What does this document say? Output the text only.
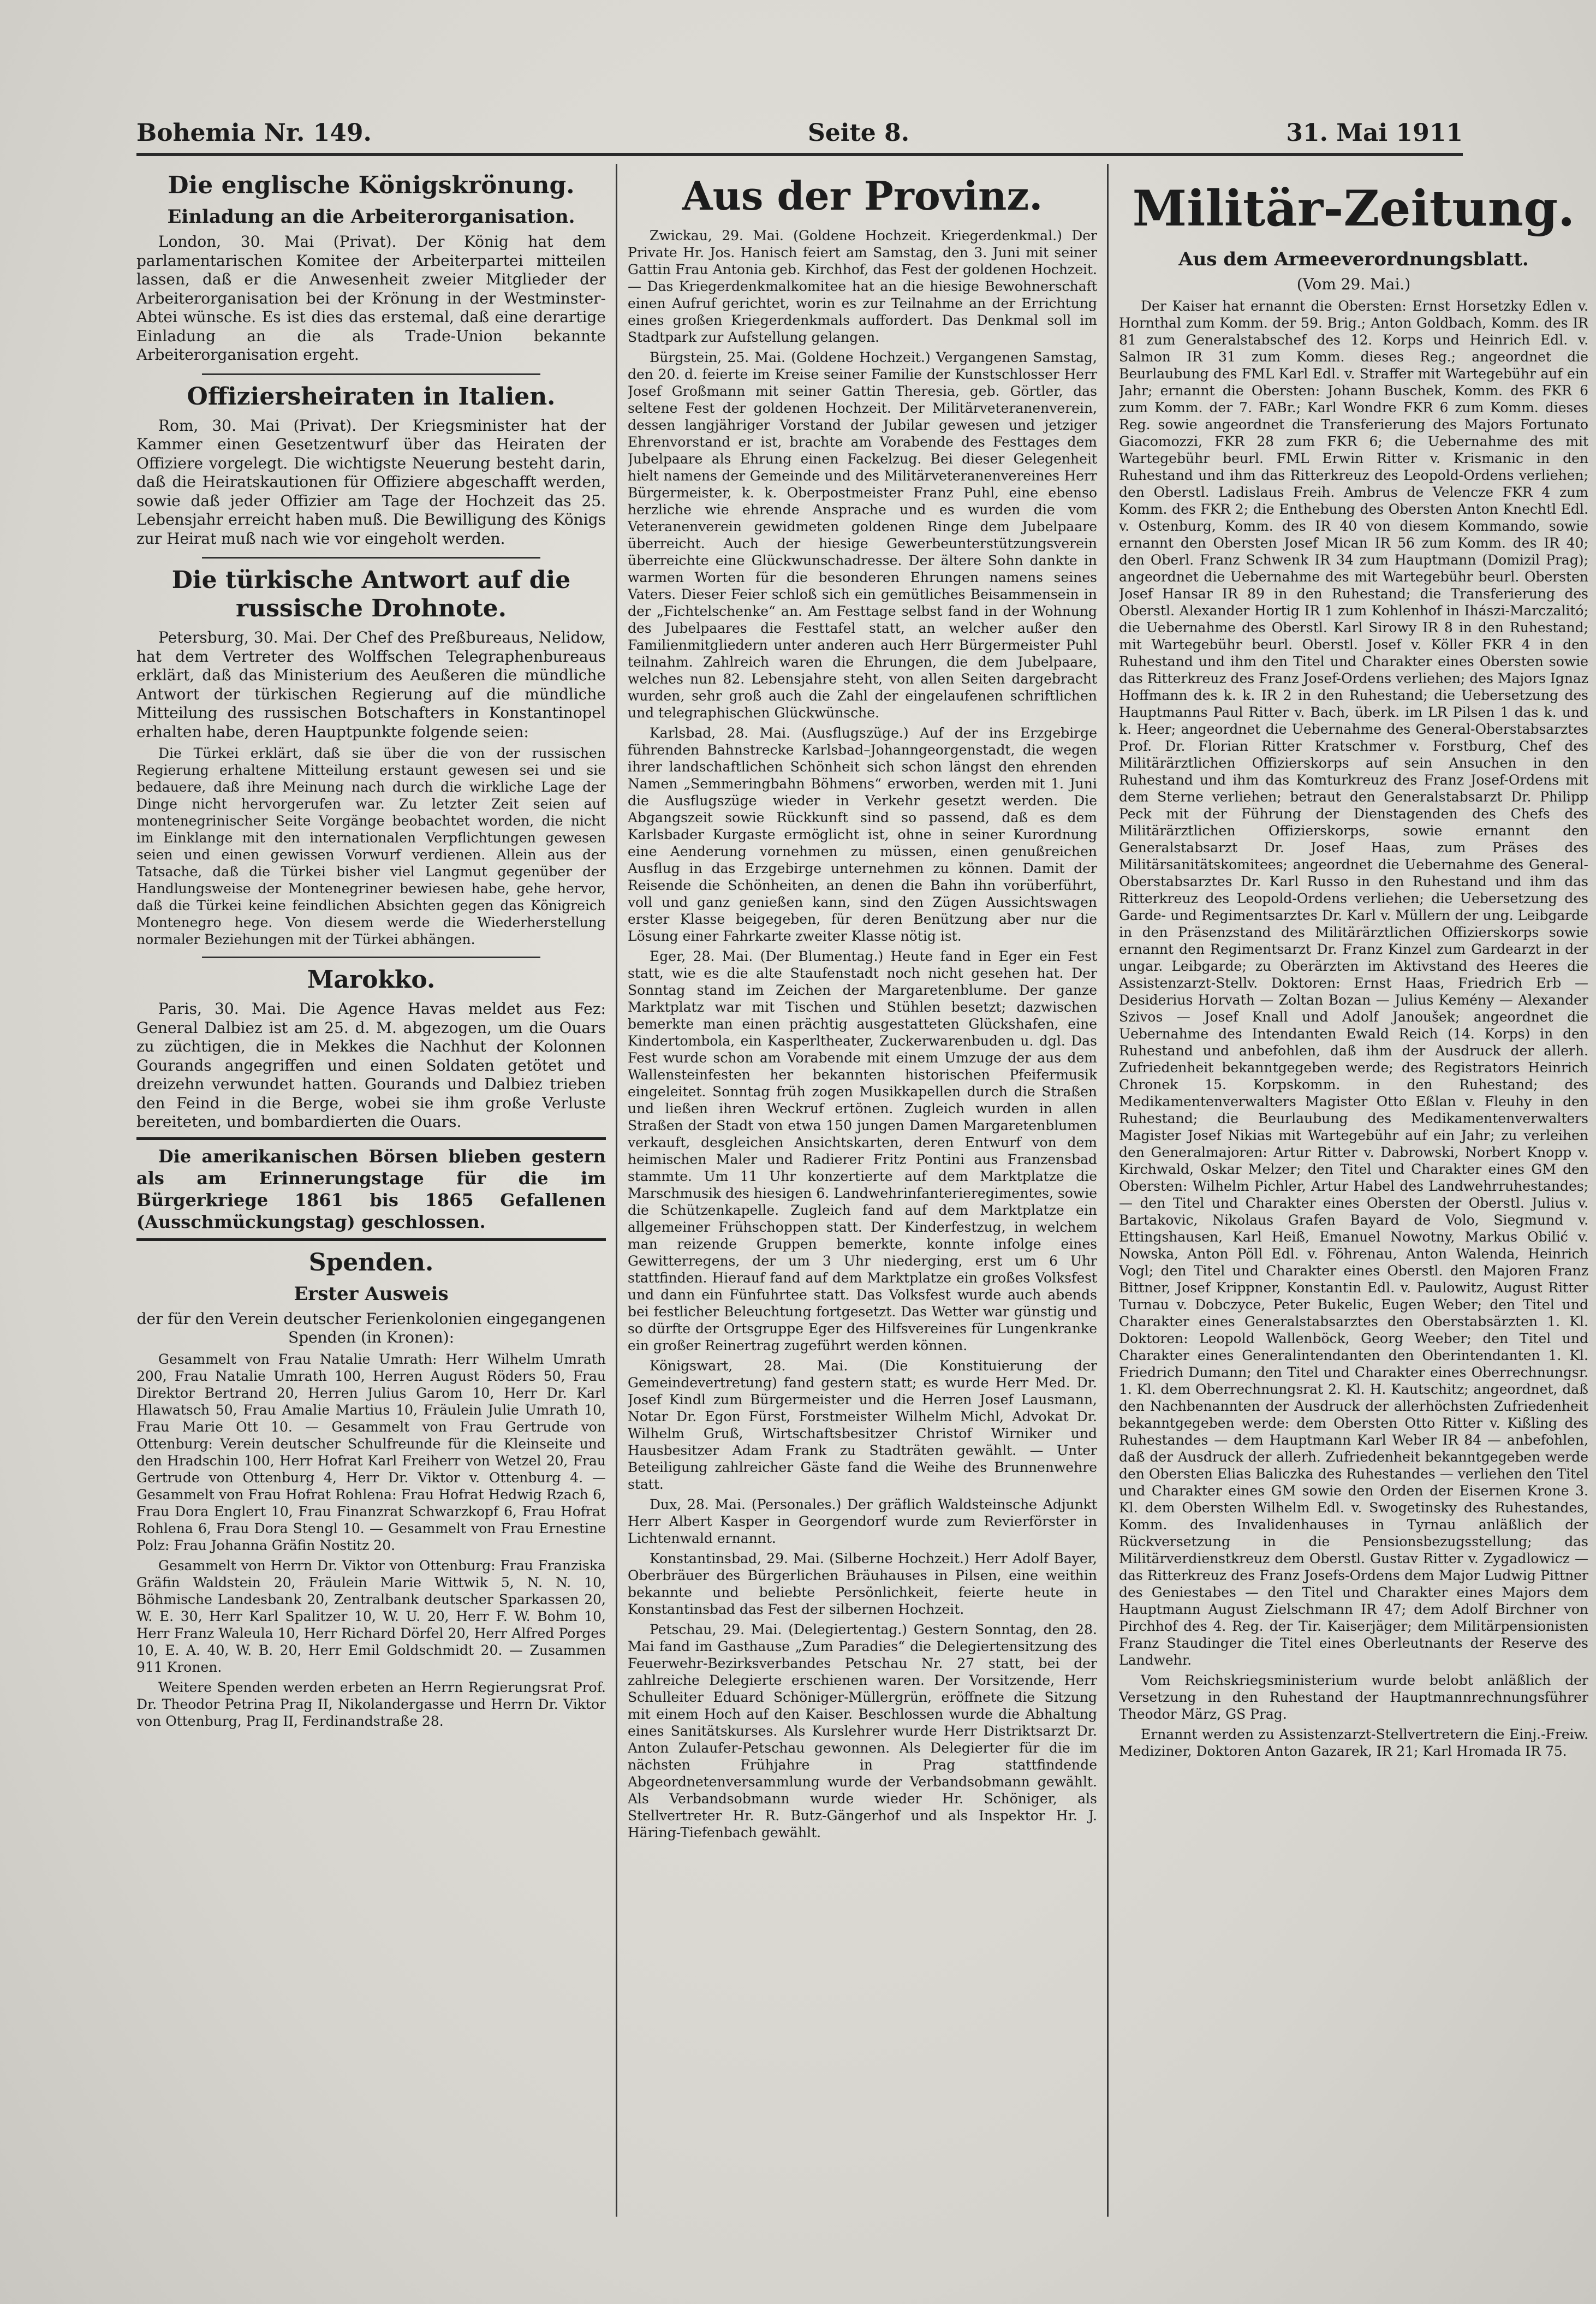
Bohemia Nr. 149.	Seite 8.	31. Mai 1911
Die englische Königskrönung.
Einladung an die Arbeiterorganisation.

London, 30. Mai (Privat). Der König hat dem parlamentarischen Komitee der Arbeiterpartei mitteilen lassen, daß er die Anwesenheit zweier Mitglieder der Arbeiterorganisation bei der Krönung in der Westminster-Abtei wünsche. Es ist dies das erstemal, daß eine derartige Einladung an die als Trade-Union bekannte Arbeiterorganisation ergeht.

Offiziersheiraten in Italien.

Rom, 30. Mai (Privat). Der Kriegsminister hat der Kammer einen Gesetzentwurf über das Heiraten der Offiziere vorgelegt. Die wichtigste Neuerung besteht darin, daß die Heiratskautionen für Offiziere abgeschafft werden, sowie daß jeder Offizier am Tage der Hochzeit das 25. Lebensjahr erreicht haben muß. Die Bewilligung des Königs zur Heirat muß nach wie vor eingeholt werden.

Die türkische Antwort auf die russische Drohnote.

Petersburg, 30. Mai. Der Chef des Preßbureaus, Nelidow, hat dem Vertreter des Wolffschen Telegraphenbureaus erklärt, daß das Ministerium des Aeußeren die mündliche Antwort der türkischen Regierung auf die mündliche Mitteilung des russischen Botschafters in Konstantinopel erhalten habe, deren Hauptpunkte folgende seien:

Die Türkei erklärt, daß sie über die von der russischen Regierung erhaltene Mitteilung erstaunt gewesen sei und sie bedauere, daß ihre Meinung nach durch die wirkliche Lage der Dinge nicht hervorgerufen war. Zu letzter Zeit seien auf montenegrinischer Seite Vorgänge beobachtet worden, die nicht im Einklange mit den internationalen Verpflichtungen gewesen seien und einen gewissen Vorwurf verdienen. Allein aus der Tatsache, daß die Türkei bisher viel Langmut gegenüber der Handlungsweise der Montenegriner bewiesen habe, gehe hervor, daß die Türkei keine feindlichen Absichten gegen das Königreich Montenegro hege. Von diesem werde die Wiederherstellung normaler Beziehungen mit der Türkei abhängen.

Marokko.

Paris, 30. Mai. Die Agence Havas meldet aus Fez: General Dalbiez ist am 25. d. M. abgezogen, um die Ouars zu züchtigen, die in Mekkes die Nachhut der Kolonnen Gourands angegriffen und einen Soldaten getötet und dreizehn verwundet hatten. Gourands und Dalbiez trieben den Feind in die Berge, wobei sie ihm große Verluste bereiteten, und bombardierten die Ouars.

Die amerikanischen Börsen blieben gestern als am Erinnerungstage für die im Bürgerkriege 1861 bis 1865 Gefallenen (Ausschmückungstag) geschlossen.
Spenden.
Erster Ausweis
der für den Verein deutscher Ferienkolonien eingegangenen Spenden (in Kronen):

Gesammelt von Frau Natalie Umrath: Herr Wilhelm Umrath 200, Frau Natalie Umrath 100, Herren August Röders 50, Frau Direktor Bertrand 20, Herren Julius Garom 10, Herr Dr. Karl Hlawatsch 50, Frau Amalie Martius 10, Fräulein Julie Umrath 10, Frau Marie Ott 10. — Gesammelt von Frau Gertrude von Ottenburg: Verein deutscher Schulfreunde für die Kleinseite und den Hradschin 100, Herr Hofrat Karl Freiherr von Wetzel 20, Frau Gertrude von Ottenburg 4, Herr Dr. Viktor v. Ottenburg 4. — Gesammelt von Frau Hofrat Rohlena: Frau Hofrat Hedwig Rzach 6, Frau Dora Englert 10, Frau Finanzrat Schwarzkopf 6, Frau Hofrat Rohlena 6, Frau Dora Stengl 10. — Gesammelt von Frau Ernestine Polz: Frau Johanna Gräfin Nostitz 20.

Gesammelt von Herrn Dr. Viktor von Ottenburg: Frau Franziska Gräfin Waldstein 20, Fräulein Marie Wittwik 5, N. N. 10, Böhmische Landesbank 20, Zentralbank deutscher Sparkassen 20, W. E. 30, Herr Karl Spalitzer 10, W. U. 20, Herr F. W. Bohm 10, Herr Franz Waleula 10, Herr Richard Dörfel 20, Herr Alfred Porges 10, E. A. 40, W. B. 20, Herr Emil Goldschmidt 20. — Zusammen 911 Kronen.

Weitere Spenden werden erbeten an Herrn Regierungsrat Prof. Dr. Theodor Petrina Prag II, Nikolandergasse und Herrn Dr. Viktor von Ottenburg, Prag II, Ferdinandstraße 28.

Aus der Provinz.

Zwickau, 29. Mai. (Goldene Hochzeit. Kriegerdenkmal.) Der Private Hr. Jos. Hanisch feiert am Samstag, den 3. Juni mit seiner Gattin Frau Antonia geb. Kirchhof, das Fest der goldenen Hochzeit. — Das Kriegerdenkmalkomitee hat an die hiesige Bewohnerschaft einen Aufruf gerichtet, worin es zur Teilnahme an der Errichtung eines großen Kriegerdenkmals auffordert. Das Denkmal soll im Stadtpark zur Aufstellung gelangen.

Bürgstein, 25. Mai. (Goldene Hochzeit.) Vergangenen Samstag, den 20. d. feierte im Kreise seiner Familie der Kunstschlosser Herr Josef Großmann mit seiner Gattin Theresia, geb. Görtler, das seltene Fest der goldenen Hochzeit. Der Militärveteranenverein, dessen langjähriger Vorstand der Jubilar gewesen und jetziger Ehrenvorstand er ist, brachte am Vorabende des Festtages dem Jubelpaare als Ehrung einen Fackelzug. Bei dieser Gelegenheit hielt namens der Gemeinde und des Militärveteranenvereines Herr Bürgermeister, k. k. Oberpostmeister Franz Puhl, eine ebenso herzliche wie ehrende Ansprache und es wurden die vom Veteranenverein gewidmeten goldenen Ringe dem Jubelpaare überreicht. Auch der hiesige Gewerbeunterstützungsverein überreichte eine Glückwunschadresse. Der ältere Sohn dankte in warmen Worten für die besonderen Ehrungen namens seines Vaters. Dieser Feier schloß sich ein gemütliches Beisammensein in der „Fichtelschenke“ an. Am Festtage selbst fand in der Wohnung des Jubelpaares die Festtafel statt, an welcher außer den Familienmitgliedern unter anderen auch Herr Bürgermeister Puhl teilnahm. Zahlreich waren die Ehrungen, die dem Jubelpaare, welches nun 82. Lebensjahre steht, von allen Seiten dargebracht wurden, sehr groß auch die Zahl der eingelaufenen schriftlichen und telegraphischen Glückwünsche.

Karlsbad, 28. Mai. (Ausflugszüge.) Auf der ins Erzgebirge führenden Bahnstrecke Karlsbad–Johanngeorgenstadt, die wegen ihrer landschaftlichen Schönheit sich schon längst den ehrenden Namen „Semmeringbahn Böhmens“ erworben, werden mit 1. Juni die Ausflugszüge wieder in Verkehr gesetzt werden. Die Abgangszeit sowie Rückkunft sind so passend, daß es dem Karlsbader Kurgaste ermöglicht ist, ohne in seiner Kurordnung eine Aenderung vornehmen zu müssen, einen genußreichen Ausflug in das Erzgebirge unternehmen zu können. Damit der Reisende die Schönheiten, an denen die Bahn ihn vorüberführt, voll und ganz genießen kann, sind den Zügen Aussichtswagen erster Klasse beigegeben, für deren Benützung aber nur die Lösung einer Fahrkarte zweiter Klasse nötig ist.

Eger, 28. Mai. (Der Blumentag.) Heute fand in Eger ein Fest statt, wie es die alte Staufenstadt noch nicht gesehen hat. Der Sonntag stand im Zeichen der Margaretenblume. Der ganze Marktplatz war mit Tischen und Stühlen besetzt; dazwischen bemerkte man einen prächtig ausgestatteten Glückshafen, eine Kindertombola, ein Kasperltheater, Zuckerwarenbuden u. dgl. Das Fest wurde schon am Vorabende mit einem Umzuge der aus dem Wallensteinfesten her bekannten historischen Pfeifermusik eingeleitet. Sonntag früh zogen Musikkapellen durch die Straßen und ließen ihren Weckruf ertönen. Zugleich wurden in allen Straßen der Stadt von etwa 150 jungen Damen Margaretenblumen verkauft, desgleichen Ansichtskarten, deren Entwurf von dem heimischen Maler und Radierer Fritz Pontini aus Franzensbad stammte. Um 11 Uhr konzertierte auf dem Marktplatze die Marschmusik des hiesigen 6. Landwehrinfanterieregimentes, sowie die Schützenkapelle. Zugleich fand auf dem Marktplatze ein allgemeiner Frühschoppen statt. Der Kinderfestzug, in welchem man reizende Gruppen bemerkte, konnte infolge eines Gewitterregens, der um 3 Uhr niederging, erst um 6 Uhr stattfinden. Hierauf fand auf dem Marktplatze ein großes Volksfest und dann ein Fünfuhrtee statt. Das Volksfest wurde auch abends bei festlicher Beleuchtung fortgesetzt. Das Wetter war günstig und so dürfte der Ortsgruppe Eger des Hilfsvereines für Lungenkranke ein großer Reinertrag zugeführt werden können.

Königswart, 28. Mai. (Die Konstituierung der Gemeindevertretung) fand gestern statt; es wurde Herr Med. Dr. Josef Kindl zum Bürgermeister und die Herren Josef Lausmann, Notar Dr. Egon Fürst, Forstmeister Wilhelm Michl, Advokat Dr. Wilhelm Gruß, Wirtschaftsbesitzer Christof Wirniker und Hausbesitzer Adam Frank zu Stadträten gewählt. — Unter Beteiligung zahlreicher Gäste fand die Weihe des Brunnenwehre statt.

Dux, 28. Mai. (Personales.) Der gräflich Waldsteinsche Adjunkt Herr Albert Kasper in Georgendorf wurde zum Revierförster in Lichtenwald ernannt.

Konstantinsbad, 29. Mai. (Silberne Hochzeit.) Herr Adolf Bayer, Oberbräuer des Bürgerlichen Bräuhauses in Pilsen, eine weithin bekannte und beliebte Persönlichkeit, feierte heute in Konstantinsbad das Fest der silbernen Hochzeit.

Petschau, 29. Mai. (Delegiertentag.) Gestern Sonntag, den 28. Mai fand im Gasthause „Zum Paradies“ die Delegiertensitzung des Feuerwehr-Bezirksverbandes Petschau Nr. 27 statt, bei der zahlreiche Delegierte erschienen waren. Der Vorsitzende, Herr Schulleiter Eduard Schöniger-Müllergrün, eröffnete die Sitzung mit einem Hoch auf den Kaiser. Beschlossen wurde die Abhaltung eines Sanitätskurses. Als Kurslehrer wurde Herr Distriktsarzt Dr. Anton Zulaufer-Petschau gewonnen. Als Delegierter für die im nächsten Frühjahre in Prag stattfindende Abgeordnetenversammlung wurde der Verbandsobmann gewählt. Als Verbandsobmann wurde wieder Hr. Schöniger, als Stellvertreter Hr. R. Butz-Gängerhof und als Inspektor Hr. J. Häring-Tiefenbach gewählt.

Militär-Zeitung.
Aus dem Armeeverordnungsblatt.
(Vom 29. Mai.)

Der Kaiser hat ernannt die Obersten: Ernst Horsetzky Edlen v. Hornthal zum Komm. der 59. Brig.; Anton Goldbach, Komm. des IR 81 zum Generalstabschef des 12. Korps und Heinrich Edl. v. Salmon IR 31 zum Komm. dieses Reg.; angeordnet die Beurlaubung des FML Karl Edl. v. Straffer mit Wartegebühr auf ein Jahr; ernannt die Obersten: Johann Buschek, Komm. des FKR 6 zum Komm. der 7. FABr.; Karl Wondre FKR 6 zum Komm. dieses Reg. sowie angeordnet die Transferierung des Majors Fortunato Giacomozzi, FKR 28 zum FKR 6; die Uebernahme des mit Wartegebühr beurl. FML Erwin Ritter v. Krismanic in den Ruhestand und ihm das Ritterkreuz des Leopold-Ordens verliehen; den Oberstl. Ladislaus Freih. Ambrus de Velencze FKR 4 zum Komm. des FKR 2; die Enthebung des Obersten Anton Knechtl Edl. v. Ostenburg, Komm. des IR 40 von diesem Kommando, sowie ernannt den Obersten Josef Mican IR 56 zum Komm. des IR 40; den Oberl. Franz Schwenk IR 34 zum Hauptmann (Domizil Prag); angeordnet die Uebernahme des mit Wartegebühr beurl. Obersten Josef Hansar IR 89 in den Ruhestand; die Transferierung des Oberstl. Alexander Hortig IR 1 zum Kohlenhof in Ihászi-Marczalitó; die Uebernahme des Oberstl. Karl Sirowy IR 8 in den Ruhestand; mit Wartegebühr beurl. Oberstl. Josef v. Köller FKR 4 in den Ruhestand und ihm den Titel und Charakter eines Obersten sowie das Ritterkreuz des Franz Josef-Ordens verliehen; des Majors Ignaz Hoffmann des k. k. IR 2 in den Ruhestand; die Uebersetzung des Hauptmanns Paul Ritter v. Bach, überk. im LR Pilsen 1 das k. und k. Heer; angeordnet die Uebernahme des General-Oberstabsarztes Prof. Dr. Florian Ritter Kratschmer v. Forstburg, Chef des Militärärztlichen Offizierskorps auf sein Ansuchen in den Ruhestand und ihm das Komturkreuz des Franz Josef-Ordens mit dem Sterne verliehen; betraut den Generalstabsarzt Dr. Philipp Peck mit der Führung der Dienstagenden des Chefs des Militärärztlichen Offizierskorps, sowie ernannt den Generalstabsarzt Dr. Josef Haas, zum Präses des Militärsanitätskomitees; angeordnet die Uebernahme des General-Oberstabsarztes Dr. Karl Russo in den Ruhestand und ihm das Ritterkreuz des Leopold-Ordens verliehen; die Uebersetzung des Garde- und Regimentsarztes Dr. Karl v. Müllern der ung. Leibgarde in den Präsenzstand des Militärärztlichen Offizierskorps sowie ernannt den Regimentsarzt Dr. Franz Kinzel zum Gardearzt in der ungar. Leibgarde; zu Oberärzten im Aktivstand des Heeres die Assistenzarzt-Stellv. Doktoren: Ernst Haas, Friedrich Erb — Desiderius Horvath — Zoltan Bozan — Julius Kemény — Alexander Szivos — Josef Knall und Adolf Janoušek; angeordnet die Uebernahme des Intendanten Ewald Reich (14. Korps) in den Ruhestand und anbefohlen, daß ihm der Ausdruck der allerh. Zufriedenheit bekanntgegeben werde; des Registrators Heinrich Chronek 15. Korpskomm. in den Ruhestand; des Medikamentenverwalters Magister Otto Eßlan v. Fleuhy in den Ruhestand; die Beurlaubung des Medikamentenverwalters Magister Josef Nikias mit Wartegebühr auf ein Jahr; zu verleihen den Generalmajoren: Artur Ritter v. Dabrowski, Norbert Knopp v. Kirchwald, Oskar Melzer; den Titel und Charakter eines GM den Obersten: Wilhelm Pichler, Artur Habel des Landwehrruhestandes; — den Titel und Charakter eines Obersten der Oberstl. Julius v. Bartakovic, Nikolaus Grafen Bayard de Volo, Siegmund v. Ettingshausen, Karl Heiß, Emanuel Nowotny, Markus Obilić v. Nowska, Anton Pöll Edl. v. Föhrenau, Anton Walenda, Heinrich Vogl; den Titel und Charakter eines Oberstl. den Majoren Franz Bittner, Josef Krippner, Konstantin Edl. v. Paulowitz, August Ritter Turnau v. Dobczyce, Peter Bukelic, Eugen Weber; den Titel und Charakter eines Generalstabsarztes den Oberstabsärzten 1. Kl. Doktoren: Leopold Wallenböck, Georg Weeber; den Titel und Charakter eines Generalintendanten den Oberintendanten 1. Kl. Friedrich Dumann; den Titel und Charakter eines Oberrechnungsr. 1. Kl. dem Oberrechnungsrat 2. Kl. H. Kautschitz; angeordnet, daß den Nachbenannten der Ausdruck der allerhöchsten Zufriedenheit bekanntgegeben werde: dem Obersten Otto Ritter v. Kißling des Ruhestandes — dem Hauptmann Karl Weber IR 84 — anbefohlen, daß der Ausdruck der allerh. Zufriedenheit bekanntgegeben werde den Obersten Elias Baliczka des Ruhestandes — verliehen den Titel und Charakter eines GM sowie den Orden der Eisernen Krone 3. Kl. dem Obersten Wilhelm Edl. v. Swogetinsky des Ruhestandes, Komm. des Invalidenhauses in Tyrnau anläßlich der Rückversetzung in die Pensionsbezugsstellung; das Militärverdienstkreuz dem Oberstl. Gustav Ritter v. Zygadlowicz — das Ritterkreuz des Franz Josefs-Ordens dem Major Ludwig Pittner des Geniestabes — den Titel und Charakter eines Majors dem Hauptmann August Zielschmann IR 47; dem Adolf Birchner von Pirchhof des 4. Reg. der Tir. Kaiserjäger; dem Militärpensionisten Franz Staudinger die Titel eines Oberleutnants der Reserve des Landwehr.

Vom Reichskriegsministerium wurde belobt anläßlich der Versetzung in den Ruhestand der Hauptmannrechnungsführer Theodor März, GS Prag.

Ernannt werden zu Assistenzarzt-Stellvertretern die Einj.-Freiw. Mediziner, Doktoren Anton Gazarek, IR 21; Karl Hromada IR 75.
